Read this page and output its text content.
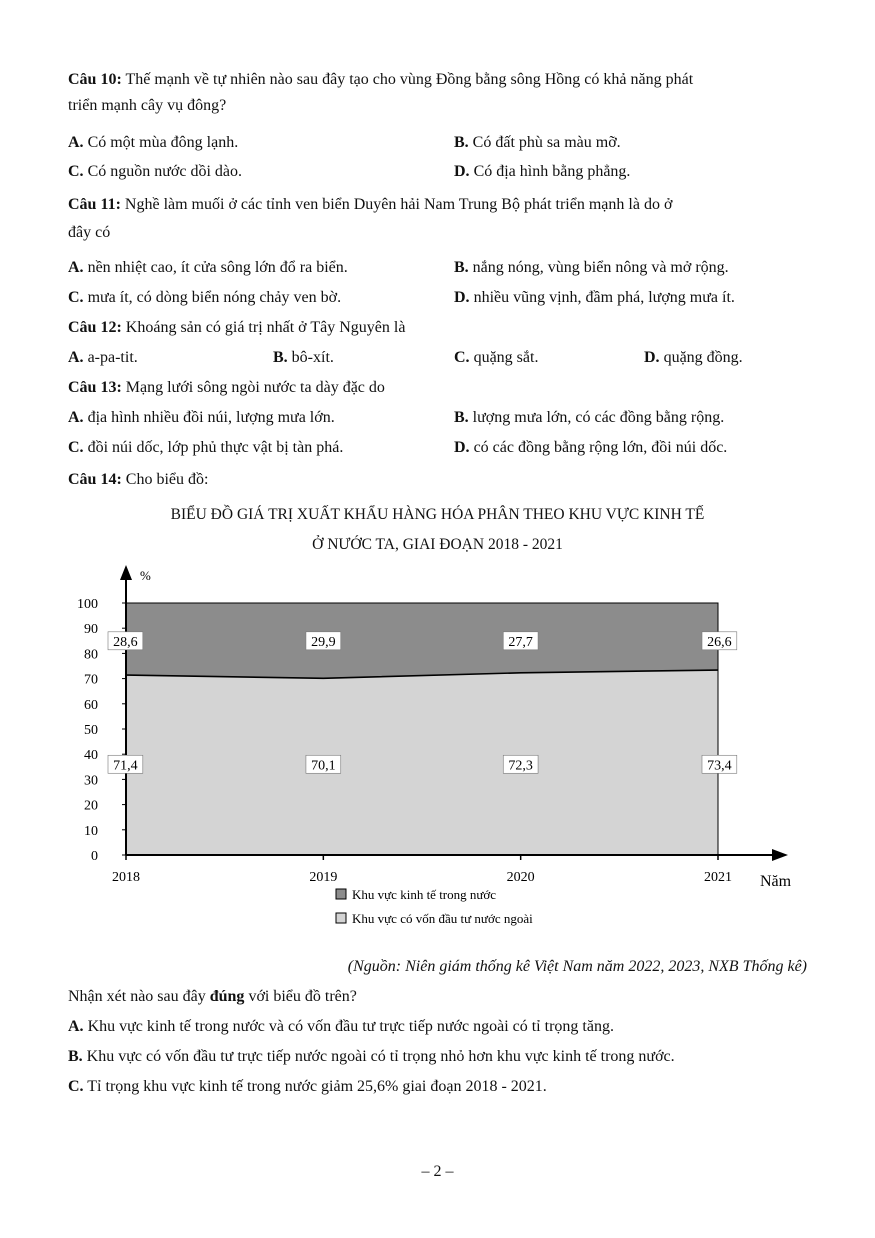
Câu 10: Thế mạnh về tự nhiên nào sau đây tạo cho vùng Đồng bằng sông Hồng có khả năng phát
triển mạnh cây vụ đông?
A. Có một mùa đông lạnh.	B. Có đất phù sa màu mỡ.
C. Có nguồn nước dồi dào.	D. Có địa hình bằng phẳng.
Câu 11: Nghề làm muối ở các tỉnh ven biển Duyên hải Nam Trung Bộ phát triển mạnh là do ở
đây có
A. nền nhiệt cao, ít cửa sông lớn đổ ra biển.	B. nắng nóng, vùng biển nông và mở rộng.
C. mưa ít, có dòng biển nóng chảy ven bờ.	D. nhiều vũng vịnh, đầm phá, lượng mưa ít.
Câu 12: Khoáng sản có giá trị nhất ở Tây Nguyên là
A. a-pa-tit.	B. bô-xít.	C. quặng sắt.	D. quặng đồng.
Câu 13: Mạng lưới sông ngòi nước ta dày đặc do
A. địa hình nhiều đồi núi, lượng mưa lớn.	B. lượng mưa lớn, có các đồng bằng rộng.
C. đồi núi dốc, lớp phủ thực vật bị tàn phá.	D. có các đồng bằng rộng lớn, đồi núi dốc.
Câu 14: Cho biểu đồ:
BIỂU ĐỒ GIÁ TRỊ XUẤT KHẨU HÀNG HÓA PHÂN THEO KHU VỰC KINH TẾ
Ở NƯỚC TA, GIAI ĐOẠN 2018 - 2021
%
Năm
0
10
20
30
40
50
60
70
80
90
100
2018	2019	2020	2021
28,6
71,4
29,9
70,1
27,7
72,3
26,6
73,4
Khu vực kinh tế trong nước
Khu vực có vốn đầu tư nước ngoài
(Nguồn: Niên giám thống kê Việt Nam năm 2022, 2023, NXB Thống kê)
Nhận xét nào sau đây đúng với biểu đồ trên?
A. Khu vực kinh tế trong nước và có vốn đầu tư trực tiếp nước ngoài có tỉ trọng tăng.
B. Khu vực có vốn đầu tư trực tiếp nước ngoài có tỉ trọng nhỏ hơn khu vực kinh tế trong nước.
C. Tỉ trọng khu vực kinh tế trong nước giảm 25,6% giai đoạn 2018 - 2021.
– 2 –
